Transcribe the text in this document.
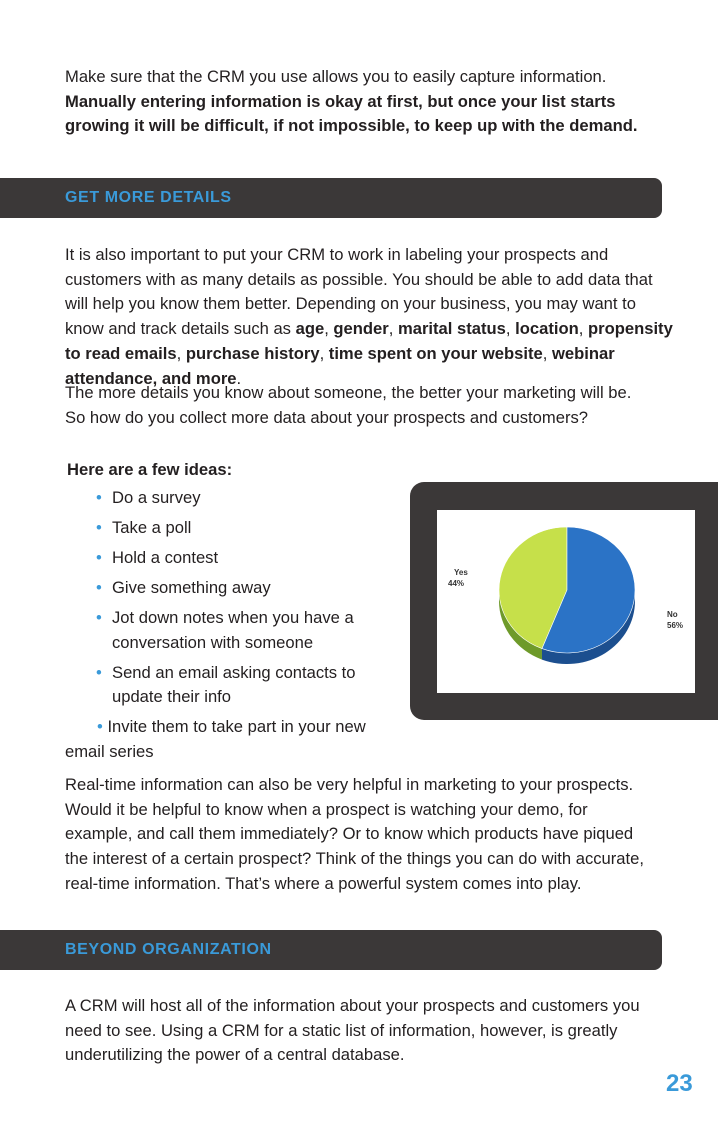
Make sure that the CRM you use allows you to easily capture information. Manually entering information is okay at first, but once your list starts growing it will be difficult, if not impossible, to keep up with the demand.

GET MORE DETAILS

It is also important to put your CRM to work in labeling your prospects and customers with as many details as possible. You should be able to add data that will help you know them better. Depending on your business, you may want to know and track details such as age, gender, marital status, location, propensity to read emails, purchase history, time spent on your website, webinar attendance, and more.

The more details you know about someone, the better your marketing will be. So how do you collect more data about your prospects and customers?

Here are a few ideas:
• Do a survey
• Take a poll
• Hold a contest
• Give something away
• Jot down notes when you have a conversation with someone
• Send an email asking contacts to update their info

• Invite them to take part in your new email series

Yes
44%
No
56%

Real-time information can also be very helpful in marketing to your prospects. Would it be helpful to know when a prospect is watching your demo, for example, and call them immediately? Or to know which products have piqued the interest of a certain prospect? Think of the things you can do with accurate, real-time information. That’s where a powerful system comes into play.

BEYOND ORGANIZATION

A CRM will host all of the information about your prospects and customers you need to see. Using a CRM for a static list of information, however, is greatly underutilizing the power of a central database.

23
